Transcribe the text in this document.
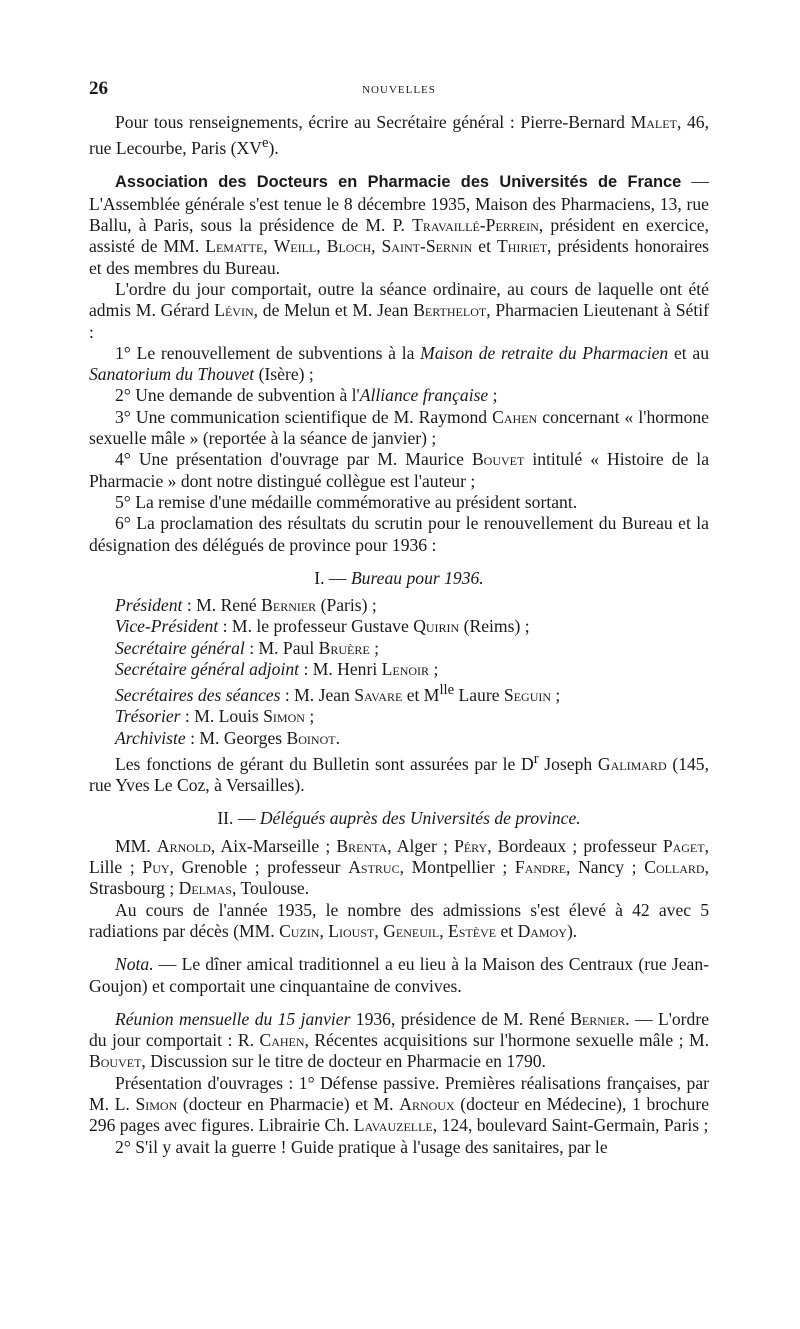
26	NOUVELLES

Pour tous renseignements, écrire au Secrétaire général : Pierre-Bernard Malet, 46, rue Lecourbe, Paris (XVe).

Association des Docteurs en Pharmacie des Universités de France — L'Assemblée générale s'est tenue le 8 décembre 1935, Maison des Pharmaciens, 13, rue Ballu, à Paris, sous la présidence de M. P. Travaillé-Perrein, président en exercice, assisté de MM. Lematte, Weill, Bloch, Saint-Sernin et Thiriet, présidents honoraires et des membres du Bureau.

L'ordre du jour comportait, outre la séance ordinaire, au cours de laquelle ont été admis M. Gérard Lévin, de Melun et M. Jean Berthelot, Pharmacien Lieutenant à Sétif :

1° Le renouvellement de subventions à la Maison de retraite du Pharmacien et au Sanatorium du Thouvet (Isère) ;

2° Une demande de subvention à l'Alliance française ;

3° Une communication scientifique de M. Raymond Cahen concernant « l'hormone sexuelle mâle » (reportée à la séance de janvier) ;

4° Une présentation d'ouvrage par M. Maurice Bouvet intitulé « Histoire de la Pharmacie » dont notre distingué collègue est l'auteur ;

5° La remise d'une médaille commémorative au président sortant.

6° La proclamation des résultats du scrutin pour le renouvellement du Bureau et la désignation des délégués de province pour 1936 :

I. — Bureau pour 1936.

Président : M. René Bernier (Paris) ;

Vice-Président : M. le professeur Gustave Quirin (Reims) ;

Secrétaire général : M. Paul Bruère ;

Secrétaire général adjoint : M. Henri Lenoir ;

Secrétaires des séances : M. Jean Savare et $M^{lle}$ Laure Seguin ;

Trésorier : M. Louis Simon ;

Archiviste : M. Georges Boinot.

Les fonctions de gérant du Bulletin sont assurées par le $D^r$ Joseph Galimard (145, rue Yves Le Coz, à Versailles).

II. — Délégués auprès des Universités de province.

MM. Arnold, Aix-Marseille ; Brenta, Alger ; Péry, Bordeaux ; professeur Paget, Lille ; Puy, Grenoble ; professeur Astruc, Montpellier ; Fandre, Nancy ; Collard, Strasbourg ; Delmas, Toulouse.

Au cours de l'année 1935, le nombre des admissions s'est élevé à 42 avec 5 radiations par décès (MM. Cuzin, Lioust, Geneuil, Estève et Damoy).

Nota. — Le dîner amical traditionnel a eu lieu à la Maison des Centraux (rue Jean-Goujon) et comportait une cinquantaine de convives.

Réunion mensuelle du 15 janvier 1936, présidence de M. René Bernier. — L'ordre du jour comportait : R. Cahen, Récentes acquisitions sur l'hormone sexuelle mâle ; M. Bouvet, Discussion sur le titre de docteur en Pharmacie en 1790.

Présentation d'ouvrages : 1° Défense passive. Premières réalisations françaises, par M. L. Simon (docteur en Pharmacie) et M. Arnoux (docteur en Médecine), 1 brochure 296 pages avec figures. Librairie Ch. Lavauzelle, 124, boulevard Saint-Germain, Paris ;

2° S'il y avait la guerre ! Guide pratique à l'usage des sanitaires, par le
